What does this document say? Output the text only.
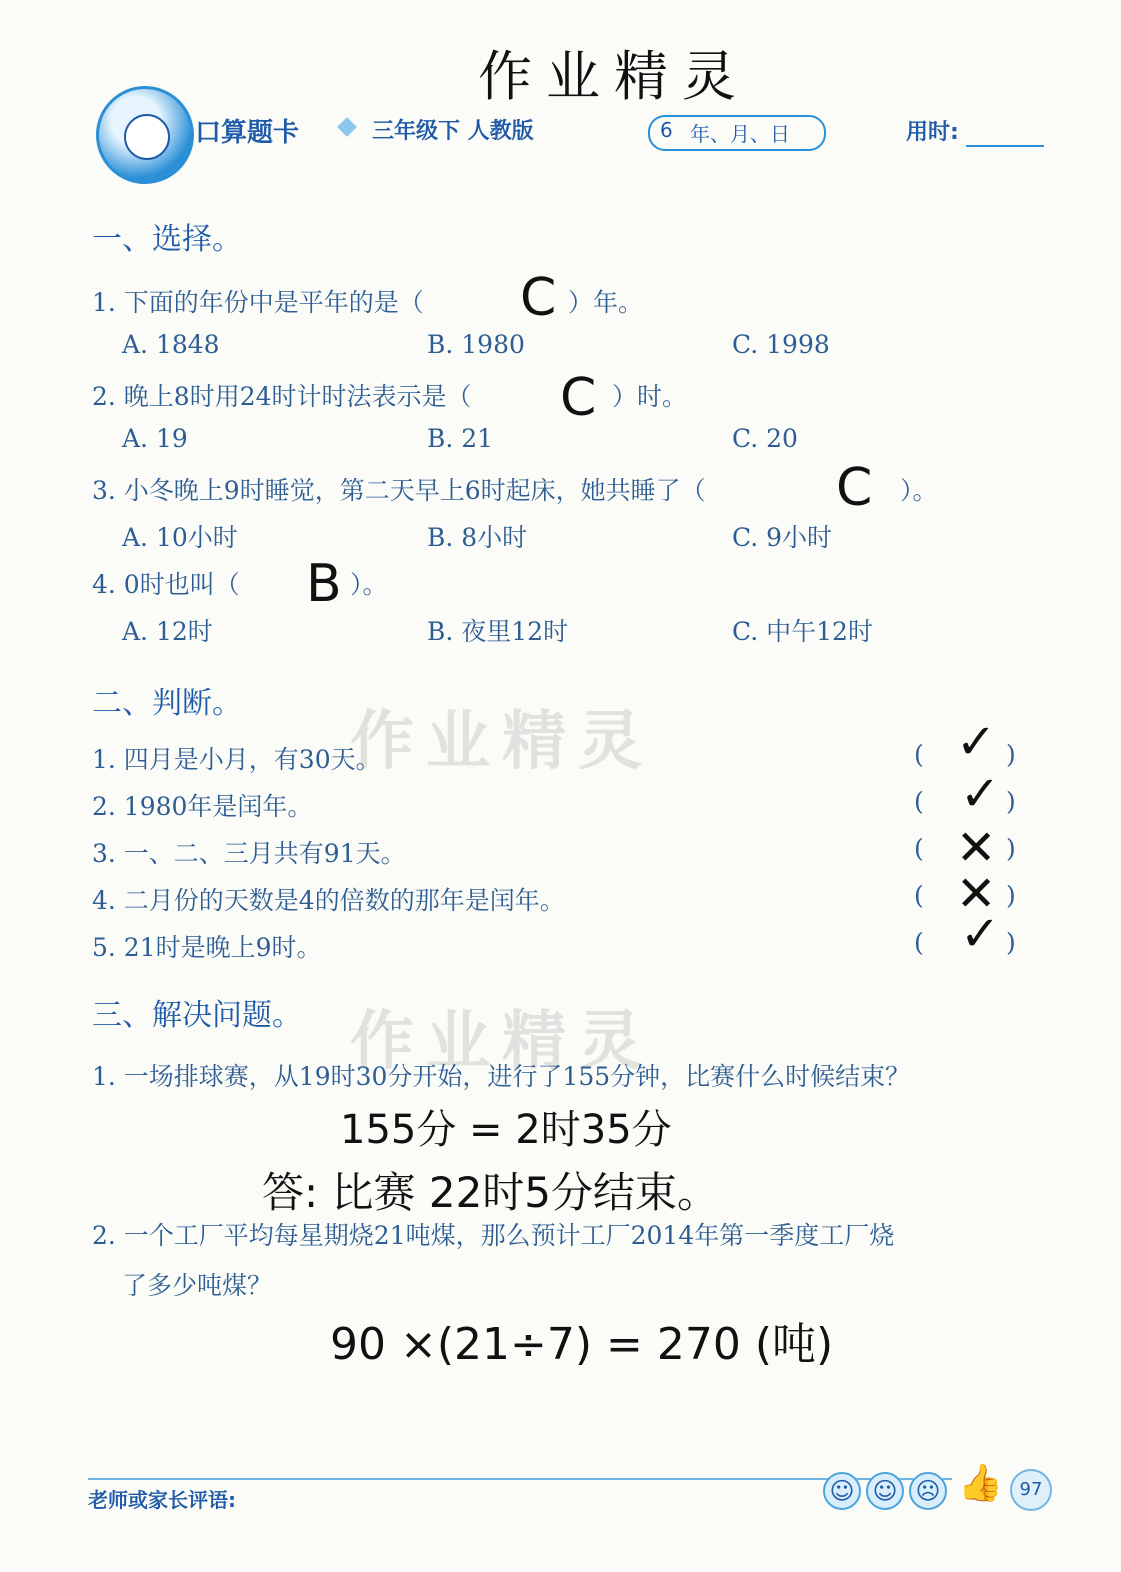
作业精灵
口算题卡	三年级下 人教版	6 年、月、日	用时:
作业精灵
作业精灵
一、选择。
1. 下面的年份中是平年的是（ C ）年。
A. 1848	B. 1980	C. 1998
2. 晚上8时用24时计时法表示是（ C ）时。
A. 19	B. 21	C. 20
3. 小冬晚上9时睡觉，第二天早上6时起床，她共睡了（	C ）。
A. 10小时	B. 8小时	C. 9小时
4. 0时也叫（ B ）。
A. 12时	B. 夜里12时	C. 中午12时
二、判断。
1. 四月是小月，有30天。	( ✓ )
2. 1980年是闰年。	( ✓ )
3. 一、二、三月共有91天。	( ✕ )
4. 二月份的天数是4的倍数的那年是闰年。	( ✕ )
5. 21时是晚上9时。	( ✓ )
三、解决问题。
1. 一场排球赛，从19时30分开始，进行了155分钟，比赛什么时候结束？
155分 = 2时35分
答: 比赛 22时5分结束。
2. 一个工厂平均每星期烧21吨煤，那么预计工厂2014年第一季度工厂烧
了多少吨煤？
90 ×(21÷7) = 270 (吨)
老师或家长评语:	☺ ☺ ☹ 👍 97
